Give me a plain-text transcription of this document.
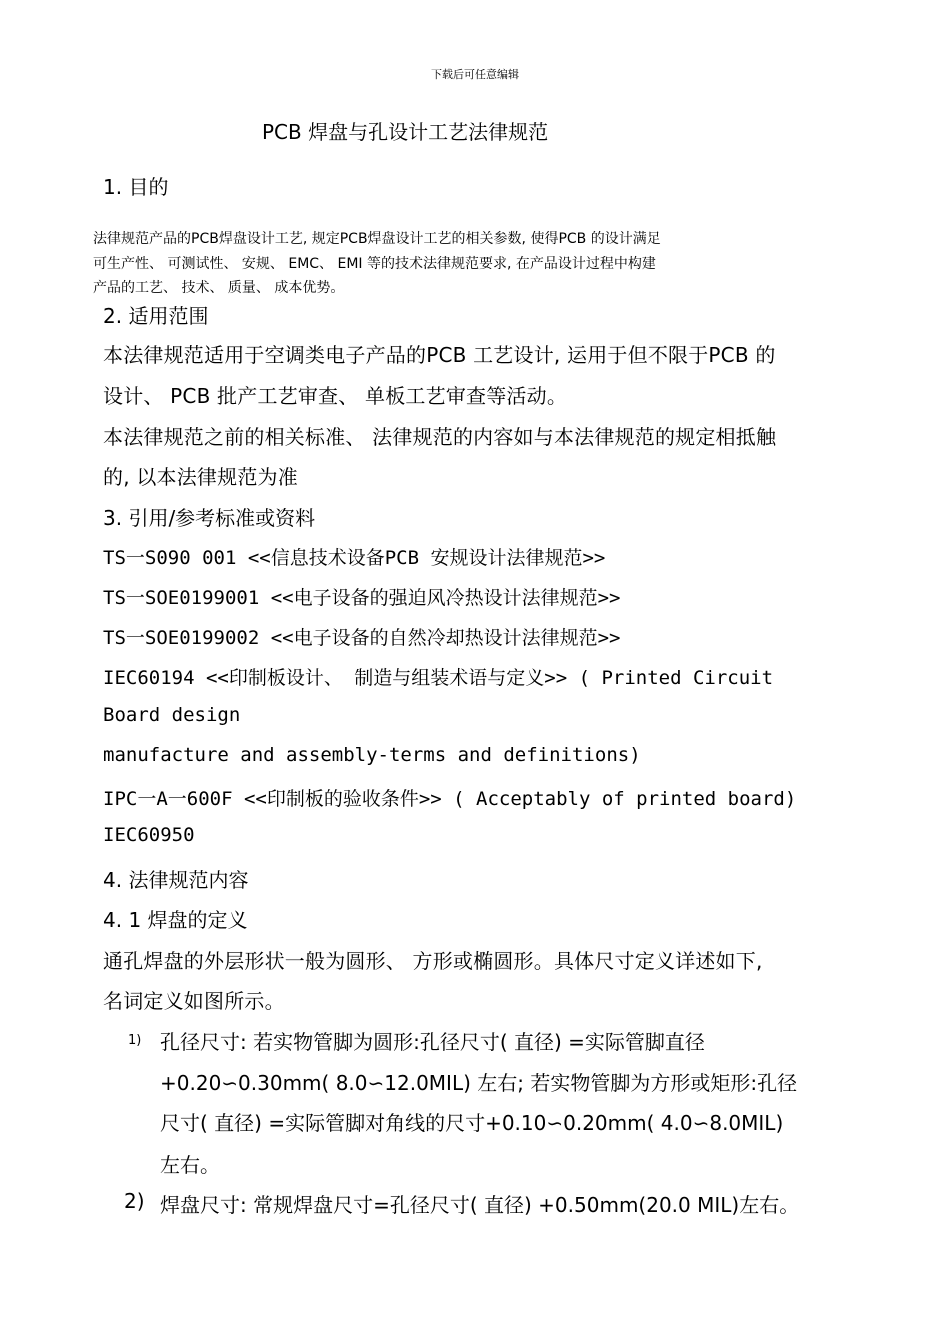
下载后可任意编辑
PCB 焊盘与孔设计工艺法律规范
1. 目的
法律规范产品的PCB焊盘设计工艺, 规定PCB焊盘设计工艺的相关参数, 使得PCB 的设计满足
可生产性、 可测试性、 安规、 EMC、 EMI 等的技术法律规范要求, 在产品设计过程中构建
产品的工艺、 技术、 质量、 成本优势。
2. 适用范围
本法律规范适用于空调类电子产品的PCB 工艺设计, 运用于但不限于PCB 的
设计、 PCB 批产工艺审查、 单板工艺审查等活动。
本法律规范之前的相关标准、 法律规范的内容如与本法律规范的规定相抵触
的, 以本法律规范为准
3. 引用/参考标准或资料
TS一S090 001 <<信息技术设备PCB 安规设计法律规范>>
TS一SOE0199001 <<电子设备的强迫风冷热设计法律规范>>
TS一SOE0199002 <<电子设备的自然冷却热设计法律规范>>
IEC60194 <<印制板设计、 制造与组装术语与定义>> ( Printed Circuit
Board design
manufacture and assembly-terms and definitions)
IPC一A一600F <<印制板的验收条件>> ( Acceptably of printed board)
IEC60950
4. 法律规范内容
4. 1 焊盘的定义
通孔焊盘的外层形状一般为圆形、 方形或椭圆形。具体尺寸定义详述如下,
名词定义如图所示。
1) 孔径尺寸: 若实物管脚为圆形:孔径尺寸( 直径) =实际管脚直径
+0.20∽0.30mm( 8.0∽12.0MIL) 左右; 若实物管脚为方形或矩形:孔径
尺寸( 直径) =实际管脚对角线的尺寸+0.10∽0.20mm( 4.0∽8.0MIL)
左右。
2) 焊盘尺寸: 常规焊盘尺寸=孔径尺寸( 直径) +0.50mm(20.0 MIL)左右。
